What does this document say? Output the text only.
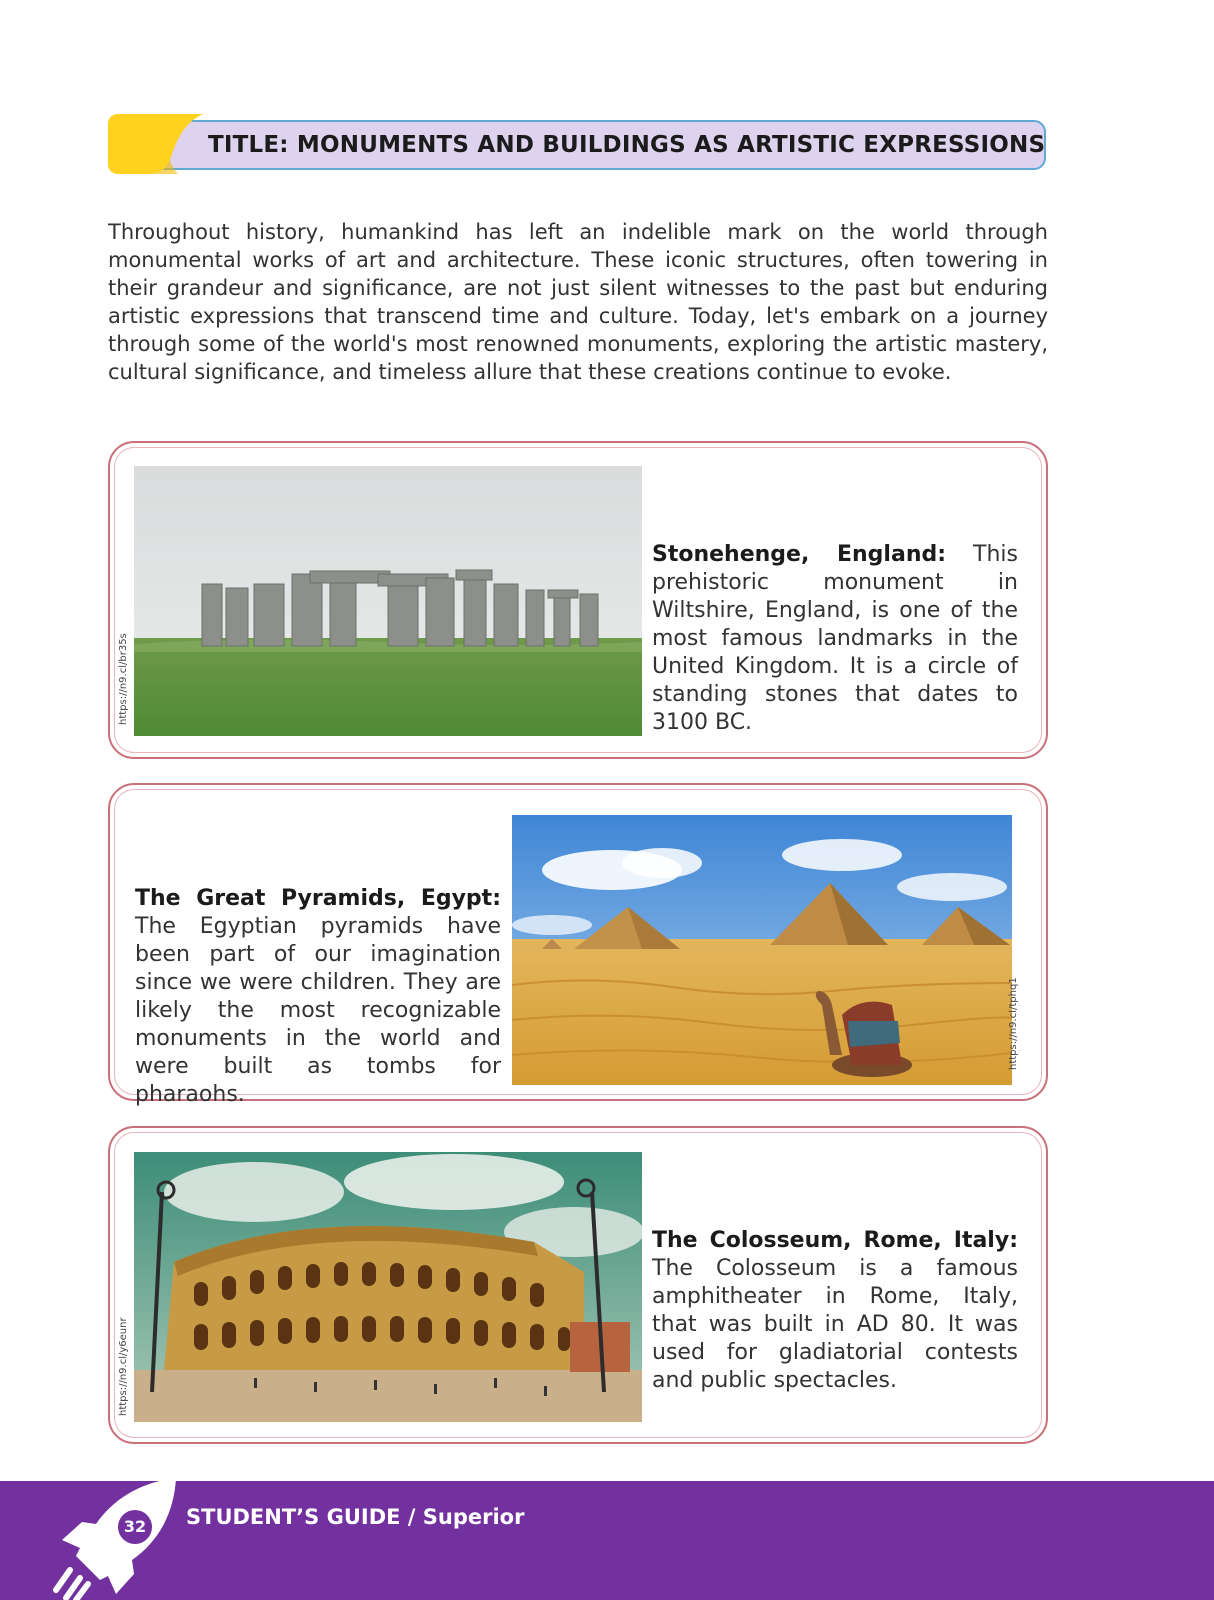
TITLE: MONUMENTS AND BUILDINGS AS ARTISTIC EXPRESSIONS

Throughout history, humankind has left an indelible mark on the world through monumental works of art and architecture. These iconic structures, often towering in their grandeur and significance, are not just silent witnesses to the past but enduring artistic expressions that transcend time and culture. Today, let's embark on a journey through some of the world's most renowned monuments, exploring the artistic mastery, cultural significance, and timeless allure that these creations continue to evoke.

https://n9.cl/br35s

Stonehenge, England: This prehistoric monument in Wiltshire, England, is one of the most famous landmarks in the United Kingdom. It is a circle of standing stones that dates to 3100 BC.

The Great Pyramids, Egypt: The Egyptian pyramids have been part of our imagination since we were children. They are likely the most recognizable monuments in the world and were built as tombs for pharaohs.

https://n9.cl/tphq1
https://n9.cl/y6eunr

The Colosseum, Rome, Italy: The Colosseum is a famous amphitheater in Rome, Italy, that was built in AD 80. It was used for gladiatorial contests and public spectacles.

32 STUDENT’S GUIDE / Superior
